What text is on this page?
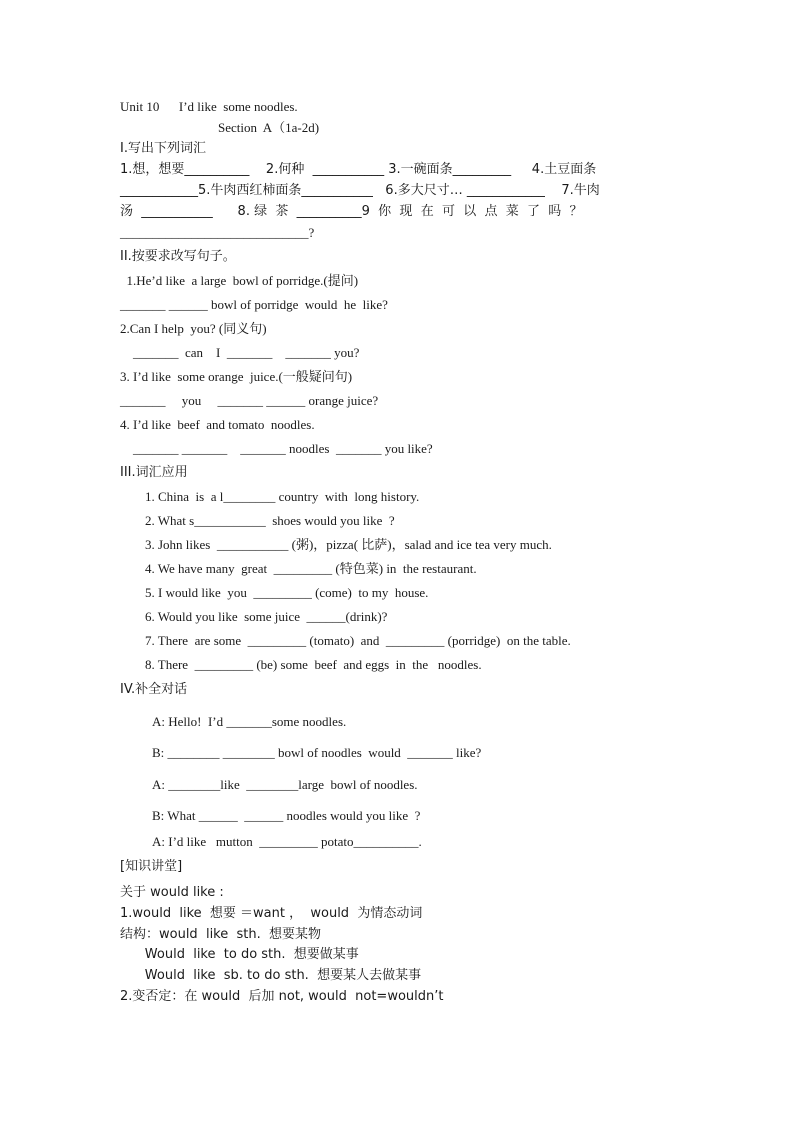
Unit 10      I’d like  some noodles.
Section  A（1a-2d)
I.写出下列词汇
1.想，想要__________    2.何种  ___________ 3.一碗面条_________     4.土豆面条
____________5.牛肉西红柿面条___________   6.多大尺寸… ____________    7.牛肉
汤  ___________      8. 绿  茶  __________9  你  现  在  可  以  点  菜  了  吗  ？
_____________________________?
II.按要求改写句子。
1.He’d like  a large  bowl of porridge.(提问)
_______ ______ bowl of porridge  would  he  like?
2.Can I help  you? (同义句)
_______  can    I  _______    _______ you?
3. I’d like  some orange  juice.(一般疑问句)
_______     you     _______ ______ orange juice?
4. I’d like  beef  and tomato  noodles.
_______ _______    _______ noodles  _______ you like?
III.词汇应用
1. China  is  a l________ country  with  long history.
2. What s___________  shoes would you like  ?
3. John likes  ___________ (粥)，pizza( 比萨)，salad and ice tea very much.
4. We have many  great  _________ (特色菜) in  the restaurant.
5. I would like  you  _________ (come)  to my  house.
6. Would you like  some juice  ______(drink)?
7. There  are some  _________ (tomato)  and  _________ (porridge)  on the table.
8. There  _________ (be) some  beef  and eggs  in  the   noodles.
IV.补全对话
A: Hello!  I’d _______some noodles.
B: ________ ________ bowl of noodles  would  _______ like?
A: ________like  ________large  bowl of noodles.
B: What ______  ______ noodles would you like  ?
A: I’d like   mutton  _________ potato__________.
[知识讲堂]
关于 would like :
1.would  like  想要 ＝want ，  would  为情态动词
结构：would  like  sth.  想要某物
Would  like  to do sth.  想要做某事
Would  like  sb. to do sth.  想要某人去做某事
2.变否定：在 would  后加 not, would  not=wouldn’t
